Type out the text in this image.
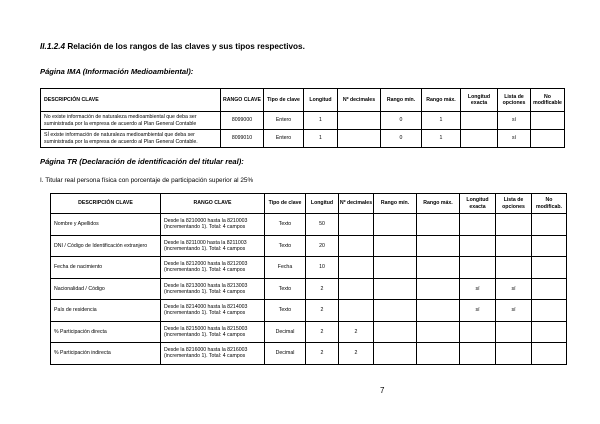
II.1.2.4 Relación de los rangos de las claves y sus tipos respectivos.
Página IMA (Información Medioambiental):
DESCRIPCIÓN CLAVE	RANGO CLAVE	Tipo de clave	Longitud	Nº decimales	Rango mín.	Rango máx.	Longitud exacta	Lista de opciones	No modificable
No existe información de naturaleza medioambiental que deba ser suministrada por la empresa de acuerdo al Plan General Contable	8099000	Entero	1		0	1		sí	
SÍ existe información de naturaleza medioambiental que deba ser suministrada por la empresa de acuerdo al Plan General Contable.	8099010	Entero	1		0	1		sí	
Página TR (Declaración de identificación del titular real):
I. Titular real persona física con porcentaje de participación superior al 25%
DESCRIPCIÓN CLAVE	RANGO CLAVE	Tipo de clave	Longitud	Nº decimales	Rango mín.	Rango máx.	Longitud exacta	Lista de opciones	No modificab.
Nombre y Apellidos	Desde la 8210000 hasta la 8210003 (incrementando 1). Total: 4 campos	Texto	50						
DNI / Código de Identificación extranjero	Desde la 8211000 hasta la 8211003 (incrementando 1). Total: 4 campos	Texto	20						
Fecha de nacimiento	Desde la 8212000 hasta la 8212003 (incrementando 1). Total: 4 campos	Fecha	10						
Nacionalidad / Código	Desde la 8213000 hasta la 8213003 (incrementando 1). Total: 4 campos	Texto	2				sí	sí	
País de residencia	Desde la 8214000 hasta la 8214003 (incrementando 1). Total: 4 campos	Texto	2				sí	sí	
% Participación directa	Desde la 8215000 hasta la 8215003 (incrementando 1). Total: 4 campos	Decimal	2	2					
% Participación indirecta	Desde la 8216000 hasta la 8216003 (incrementando 1). Total: 4 campos	Decimal	2	2					
7
